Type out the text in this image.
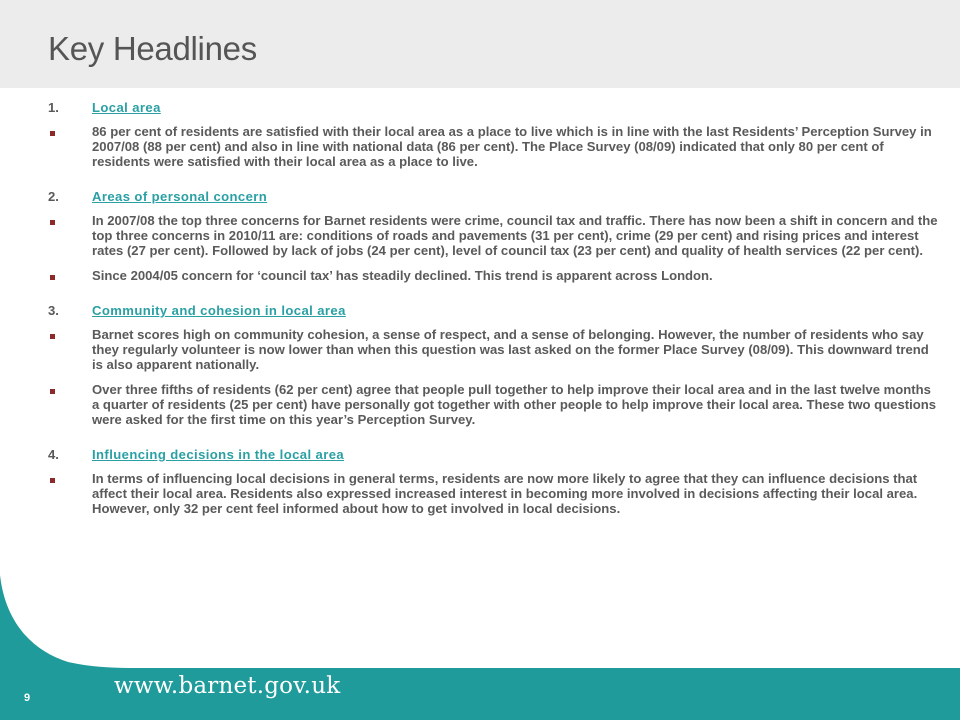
Key Headlines
1.	Local area
86 per cent of residents are satisfied with their local area as a place to live which is in line with the last Residents’ Perception Survey in 2007/08 (88 per cent) and also in line with national data (86 per cent). The Place Survey (08/09) indicated that only 80 per cent of residents were satisfied with their local area as a place to live.
2.	Areas of personal concern
In 2007/08 the top three concerns for Barnet residents were crime, council tax and traffic. There has now been a shift in concern and the top three concerns in 2010/11 are: conditions of roads and pavements (31 per cent), crime (29 per cent) and rising prices and interest rates (27 per cent). Followed by lack of jobs (24 per cent), level of council tax (23 per cent) and quality of health services (22 per cent).
Since 2004/05 concern for ‘council tax’ has steadily declined. This trend is apparent across London.
3.	Community and cohesion in local area
Barnet scores high on community cohesion, a sense of respect, and a sense of belonging. However, the number of residents who say they regularly volunteer is now lower than when this question was last asked on the former Place Survey (08/09). This downward trend is also apparent nationally.
Over three fifths of residents (62 per cent) agree that people pull together to help improve their local area and in the last twelve months a quarter of residents (25 per cent) have personally got together with other people to help improve their local area. These two questions were asked for the first time on this year’s Perception Survey.
4.	Influencing decisions in the local area
In terms of influencing local decisions in general terms, residents are now more likely to agree that they can influence decisions that affect their local area. Residents also expressed increased interest in becoming more involved in decisions affecting their local area. However, only 32 per cent feel informed about how to get involved in local decisions.
9	www.barnet.gov.uk
